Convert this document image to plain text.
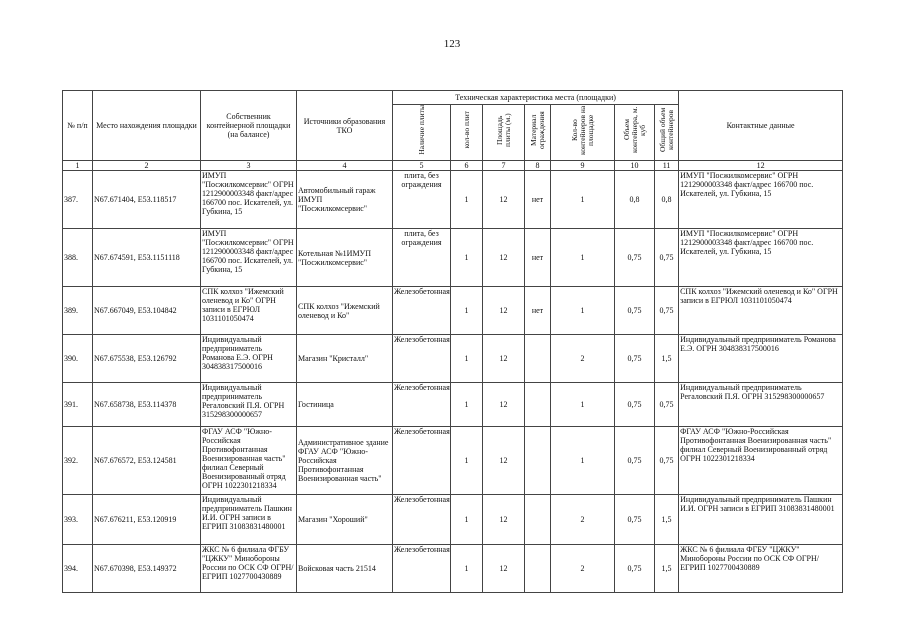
123
№ п/п	Место нахождения площадки	Собственник контейнерной площадки (на балансе)	Источники образования ТКО	Техническая характеристика места (площадки)							Контактные данные
				Наличие плиты	кол-во плит	Площадь плиты (м.)	Материал ограждения	Кол-во контейнеров на площадке	Объем контейнера, м. куб	Общий объем контейнеров	
1	2	3	4	5	6	7	8	9	10	11	12
387.	N67.671404, E53.118517	ИМУП "Посжилкомсервис" ОГРН 1212900003348 факт/адрес 166700 пос. Искателей, ул. Губкина, 15	Автомобильный гараж ИМУП "Посжилкомсервис"	плита, без ограждения	1	12	нет	1	0,8	0,8	ИМУП "Посжилкомсервис" ОГРН 1212900003348 факт/адрес 166700 пос. Искателей, ул. Губкина, 15
388.	N67.674591, E53.1151118	ИМУП "Посжилкомсервис" ОГРН 1212900003348 факт/адрес 166700 пос. Искателей, ул. Губкина, 15	Котельная №1ИМУП "Посжилкомсервис"	плита, без ограждения	1	12	нет	1	0,75	0,75	ИМУП "Посжилкомсервис" ОГРН 1212900003348 факт/адрес 166700 пос. Искателей, ул. Губкина, 15
389.	N67.667049, E53.104842	СПК колхоз "Ижемский оленевод и Ко" ОГРН записи в ЕГРЮЛ 1031101050474	СПК колхоз "Ижемский оленевод и Ко"	Железобетонная	1	12	нет	1	0,75	0,75	СПК колхоз "Ижемский оленевод и Ко" ОГРН записи в ЕГРЮЛ 1031101050474
390.	N67.675538, E53.126792	Индивидуальный предприниматель Романова Е.Э. ОГРН 304838317500016	Магазин "Кристалл"	Железобетонная	1	12		2	0,75	1,5	Индивидуальный предприниматель Романова Е.Э. ОГРН 304838317500016
391.	N67.658738, E53.114378	Индивидуальный предприниматель Регаловский П.Я. ОГРН 315298300000657	Гостиница	Железобетонная	1	12		1	0,75	0,75	Индивидуальный предприниматель Регаловский П.Я. ОГРН 315298300000657
392.	N67.676572, E53.124581	ФГАУ АСФ "Южно-Российская Противофонтанная Военизированная часть" филиал Северный Военизированный отряд ОГРН 1022301218334	Административное здание ФГАУ АСФ "Южно-Российская Противофонтанная Военизированная часть"	Железобетонная	1	12		1	0,75	0,75	ФГАУ АСФ "Южно-Российская Противофонтанная Военизированная часть" филиал Северный Военизированный отряд ОГРН 1022301218334
393.	N67.676211, E53.120919	Индивидуальный предприниматель Пашкин И.И. ОГРН записи в ЕГРИП 31083831480001	Магазин "Хороший"	Железобетонная	1	12		2	0,75	1,5	Индивидуальный предприниматель Пашкин И.И. ОГРН записи в ЕГРИП 31083831480001
394.	N67.670398, E53.149372	ЖКС № 6 филиала ФГБУ "ЦЖКУ" Минобороны России по ОСК СФ ОГРН/ЕГРИП 1027700430889	Войсковая часть 21514	Железобетонная	1	12		2	0,75	1,5	ЖКС № 6 филиала ФГБУ "ЦЖКУ" Минобороны России по ОСК СФ ОГРН/ЕГРИП 1027700430889
